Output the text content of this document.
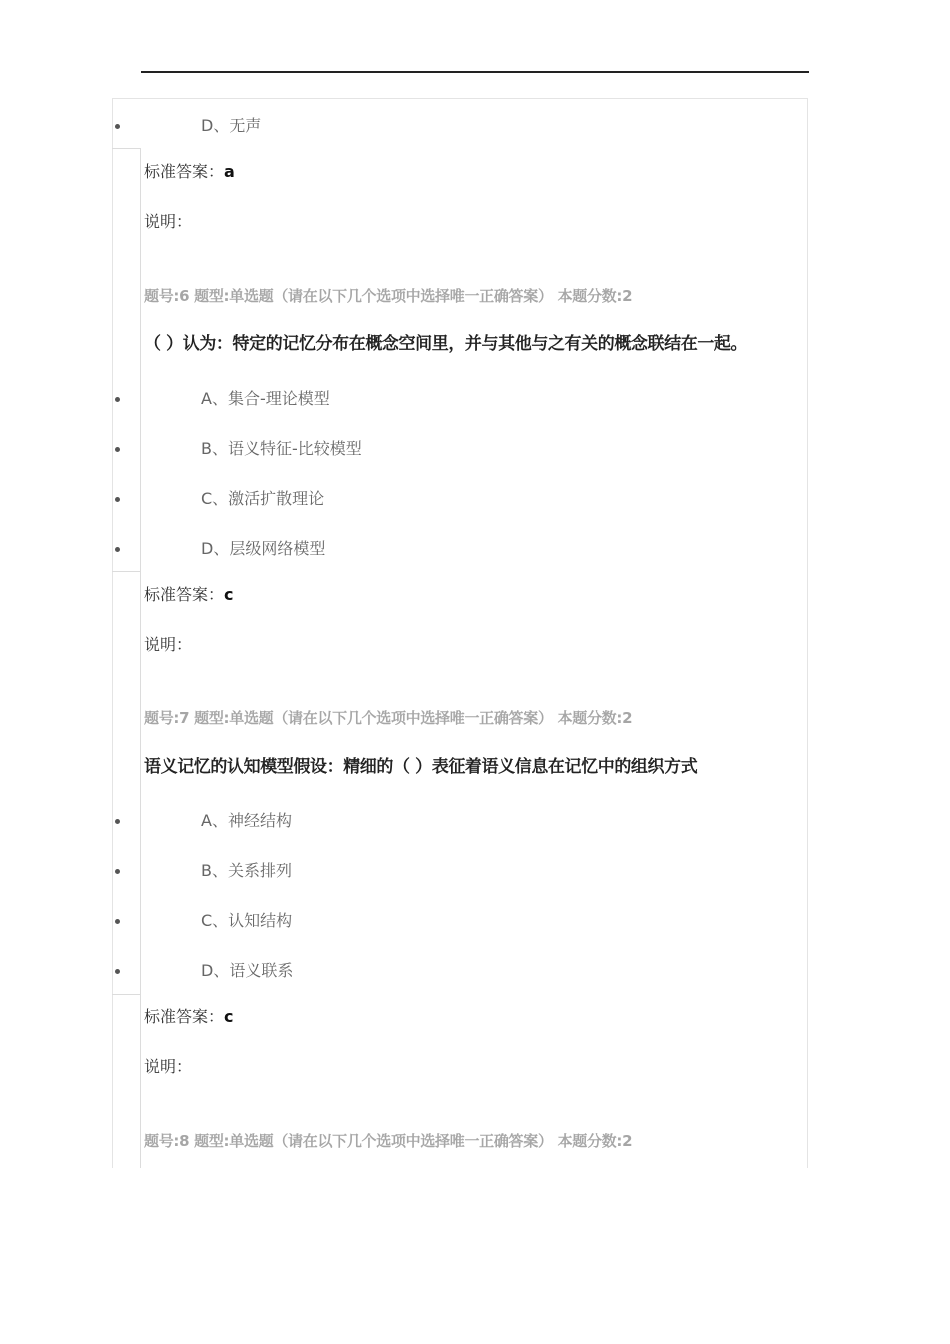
D、无声
标准答案：a
说明：
题号:6 题型:单选题（请在以下几个选项中选择唯一正确答案） 本题分数:2
（ ）认为：特定的记忆分布在概念空间里，并与其他与之有关的概念联结在一起。
A、集合-理论模型
B、语义特征-比较模型
C、激活扩散理论
D、层级网络模型
标准答案：c
说明：
题号:7 题型:单选题（请在以下几个选项中选择唯一正确答案） 本题分数:2
语义记忆的认知模型假设：精细的（ ）表征着语义信息在记忆中的组织方式
A、神经结构
B、关系排列
C、认知结构
D、语义联系
标准答案：c
说明：
题号:8 题型:单选题（请在以下几个选项中选择唯一正确答案） 本题分数:2
